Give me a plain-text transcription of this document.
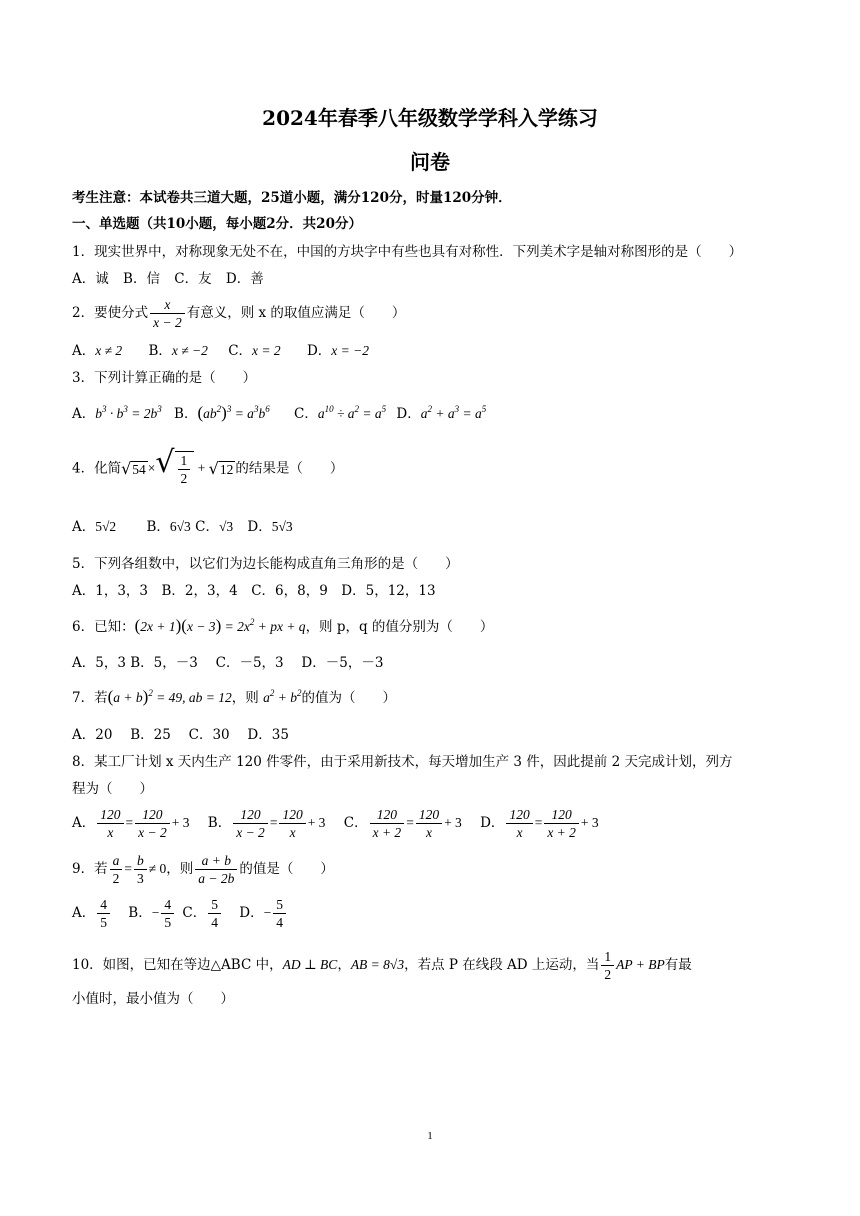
2024年春季八年级数学学科入学练习
问卷
考生注意：本试卷共三道大题，25道小题，满分120分，时量120分钟．
一、单选题（共10小题，每小题2分．共20分）
1．现实世界中，对称现象无处不在，中国的方块字中有些也具有对称性．下列美术字是轴对称图形的是（　　）
A．诚 B．信 C．友 D．善
2．要使分式 $\frac{x}{x - 2}$ 有意义，则 x 的取值应满足（　　）
A．x ≠ 2 B．x ≠ −2 C．x = 2 D．x = −2
3．下列计算正确的是（　　）
A．$b^3 \cdot b^3 = 2b^3$ B．$(ab^2)^3 = a^3b^6$ C．$a^{10} \div a^2 = a^5$ D．$a^2 + a^3 = a^5$
4．化简√54 ×√ $\frac{1}{2} + √12$ 的结果是（　　）
A．5√2 B．6√3 C．√3 D．5√3
5．下列各组数中，以它们为边长能构成直角三角形的是（　　）
A．1，3，3　B．2，3，4　C．6，8，9　D．5，12，13
6．已知：$(2x + 1)(x - 3) = 2x^2$ + px + q，则 p，q 的值分别为（　　）
A．5，3 B．5，－3　 C．－5，3　 D．－5，－3
7．若$(a + b)^2 = 49$, ab = 12，则 $a^2 + b^2$的值为（　　）
A．20　 B．25　 C．30　 D．35
8．某工厂计划 x 天内生产 120 件零件，由于采用新技术，每天增加生产 3 件，因此提前 2 天完成计划，列方
程为（　　）
A． $\frac{120}{x} = \frac{120}{x - 2} + 3$ B． $\frac{120}{x - 2} = \frac{120}{x} + 3$ C． $\frac{120}{x + 2} = \frac{120}{x} + 3$ D． $\frac{120}{x} = \frac{120}{x + 2} + 3$
9．若 $\frac{a}{2} = \frac{b}{3} \ne 0$，则 $\frac{a + b}{a - 2b}$ 的值是（　　）
A． $\frac{4}{5}$ B．− $\frac{4}{5}$ C． $\frac{5}{4}$ D．− $\frac{5}{4}$
10．如图，已知在等边△ABC 中，AD ⊥ BC，AB = 8√3，若点 P 在线段 AD 上运动，当 $\frac{1}{2}$ AP + BP有最
小值时，最小值为（　　）
1
